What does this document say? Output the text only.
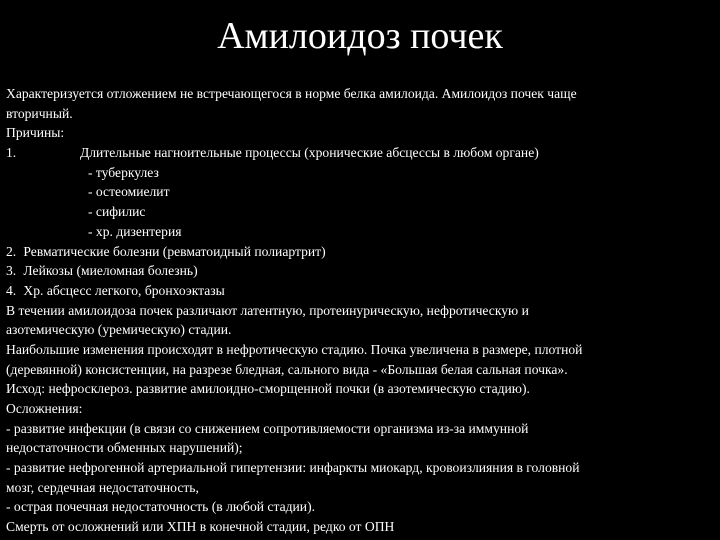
Амилоидоз почек
Характеризуется отложением не встречающегося в норме белка амилоида. Амилоидоз почек чаще
вторичный.
Причины:
1.	Длительные нагноительные процессы (хронические абсцессы в любом органе)
- туберкулез
- остеомиелит
- сифилис
- хр. дизентерия
2. Ревматические болезни (ревматоидный полиартрит)
3. Лейкозы (миеломная болезнь)
4. Хр. абсцесс легкого, бронхоэктазы
В течении амилоидоза почек различают латентную, протеинурическую, нефротическую и
азотемическую (уремическую) стадии.
Наибольшие изменения происходят в нефротическую стадию. Почка увеличена в размере, плотной
(деревянной) консистенции, на разрезе бледная, сального вида - «Большая белая сальная почка».
Исход: нефросклероз. развитие амилоидно-сморщенной почки (в азотемическую стадию).
Осложнения:
- развитие инфекции (в связи со снижением сопротивляемости организма из-за иммунной
недостаточности обменных нарушений);
- развитие нефрогенной артериальной гипертензии: инфаркты миокард, кровоизлияния в головной
мозг, сердечная недостаточность,
- острая почечная недостаточность (в любой стадии).
Смерть от осложнений или ХПН в конечной стадии, редко от ОПН
